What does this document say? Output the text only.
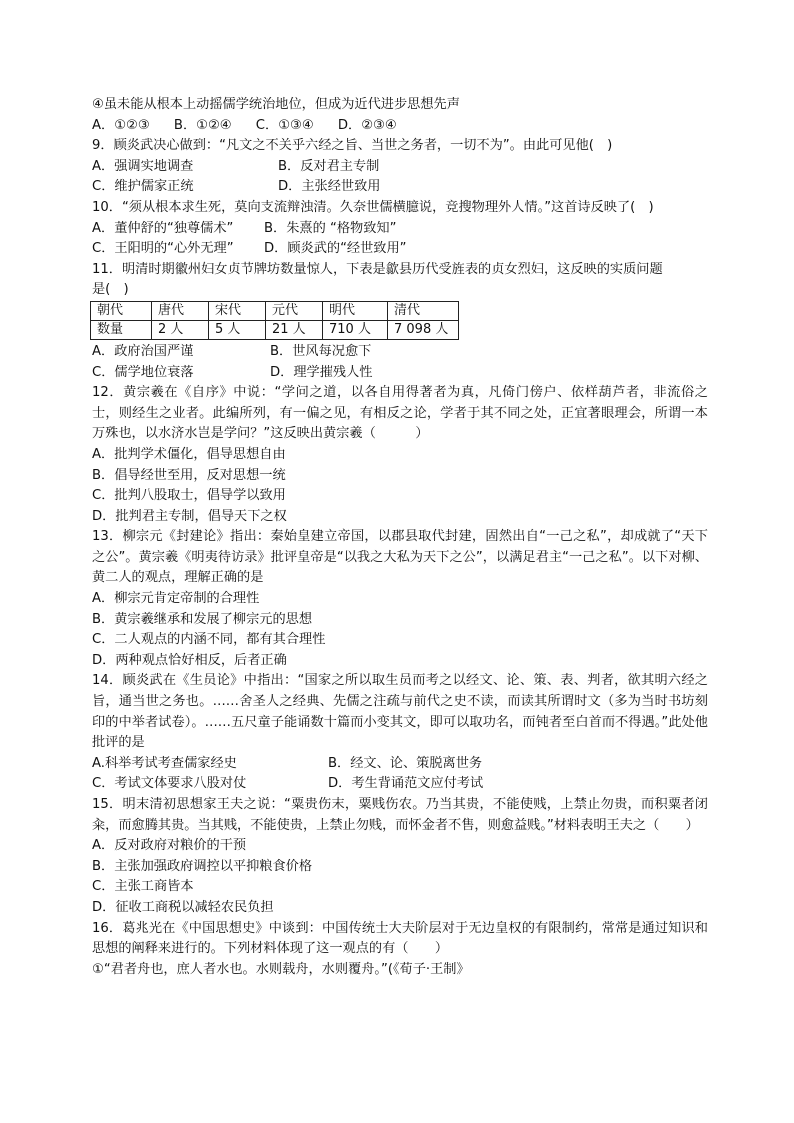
④虽未能从根本上动摇儒学统治地位，但成为近代进步思想先声
A．①②③ B．①②④ C．①③④ D．②③④
9．顾炎武决心做到：“凡文之不关乎六经之旨、当世之务者，一切不为”。由此可见他(　)
A．强调实地调查	B．反对君主专制
C．维护儒家正统	D．主张经世致用
10．“须从根本求生死，莫向支流辩浊清。久奈世儒横臆说，竞搜物理外人情。”这首诗反映了(　)
A．董仲舒的“独尊儒术” B．朱熹的 “格物致知”
C．王阳明的“心外无理” D．顾炎武的“经世致用”
11．明清时期徽州妇女贞节牌坊数量惊人，下表是歙县历代受旌表的贞女烈妇，这反映的实质问题
是(　)
朝代	唐代	宋代	元代	明代	清代
数量	2 人	5 人	21 人	710 人	7 098 人
A．政府治国严谨	B．世风每况愈下
C．儒学地位衰落	D．理学摧残人性
12．黄宗羲在《自序》中说：“学问之道，以各自用得著者为真，凡倚门傍户、依样葫芦者，非流俗之士，则经生之业者。此编所列，有一偏之见，有相反之论，学者于其不同之处，正宜著眼理会，所谓一本万殊也，以水济水岂是学问？”这反映出黄宗羲（　　　）
A．批判学术僵化，倡导思想自由
B．倡导经世至用，反对思想一统
C．批判八股取士，倡导学以致用
D．批判君主专制，倡导天下之权
13．柳宗元《封建论》指出：秦始皇建立帝国，以郡县取代封建，固然出自“一己之私”，却成就了“天下之公”。黄宗羲《明夷待访录》批评皇帝是“以我之大私为天下之公”，以满足君主“一己之私”。以下对柳、黄二人的观点，理解正确的是
A．柳宗元肯定帝制的合理性
B．黄宗羲继承和发展了柳宗元的思想
C．二人观点的内涵不同，都有其合理性
D．两种观点恰好相反，后者正确
14．顾炎武在《生员论》中指出：“国家之所以取生员而考之以经文、论、策、表、判者，欲其明六经之旨，通当世之务也。……舍圣人之经典、先儒之注疏与前代之史不读，而读其所谓时文（多为当时书坊刻印的中举者试卷）。……五尺童子能诵数十篇而小变其文，即可以取功名，而钝者至白首而不得遇。”此处他批评的是
A.科举考试考查儒家经史	B．经文、论、策脱离世务
C．考试文体要求八股对仗	D．考生背诵范文应付考试
15．明末清初思想家王夫之说：“粟贵伤末，粟贱伤农。乃当其贵，不能使贱，上禁止勿贵，而积粟者闭籴，而愈腾其贵。当其贱，不能使贵，上禁止勿贱，而怀金者不售，则愈益贱。”材料表明王夫之（　　）
A．反对政府对粮价的干预
B．主张加强政府调控以平抑粮食价格
C．主张工商皆本
D．征收工商税以减轻农民负担
16．葛兆光在《中国思想史》中谈到：中国传统士大夫阶层对于无边皇权的有限制约，常常是通过知识和思想的阐释来进行的。下列材料体现了这一观点的有（　　）
①“君者舟也，庶人者水也。水则载舟，水则覆舟。”(《荀子·王制》
